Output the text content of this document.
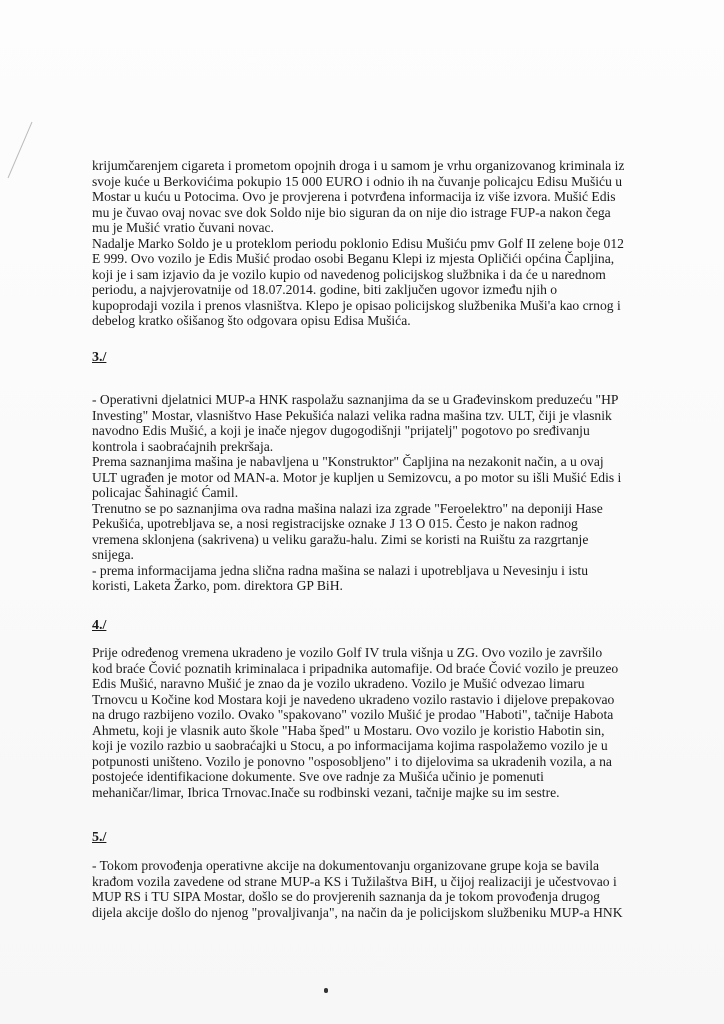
krijumčarenjem cigareta i prometom opojnih droga i u samom je vrhu organizovanog kriminala iz
svoje kuće u Berkovićima pokupio 15 000 EURO i odnio ih na čuvanje policajcu Edisu Mušiću u
Mostar u kuću u Potocima. Ovo je provjerena i potvrđena informacija iz više izvora. Mušić Edis
mu je čuvao ovaj novac sve dok Soldo nije bio siguran da on nije dio istrage FUP-a nakon čega
mu je Mušić vratio čuvani novac.
Nadalje Marko Soldo je u proteklom periodu poklonio Edisu Mušiću pmv Golf II zelene boje 012
E 999. Ovo vozilo je Edis Mušić prodao osobi Beganu Klepi iz mjesta Opličići općina Čapljina,
koji je i sam izjavio da je vozilo kupio od navedenog policijskog službnika i da će u narednom
periodu, a najvjerovatnije od 18.07.2014. godine, biti zaključen ugovor između njih o
kupoprodaji vozila i prenos vlasništva. Klepo je opisao policijskog službenika Muši'a kao crnog i
debelog kratko ošišanog što odgovara opisu Edisa Mušića.

3./

- Operativni djelatnici MUP-a HNK raspolažu saznanjima da se u Građevinskom preduzeću "HP
Investing" Mostar, vlasništvo Hase Pekušića nalazi velika radna mašina tzv. ULT, čiji je vlasnik
navodno Edis Mušić, a koji je inače njegov dugogodišnji "prijatelj" pogotovo po sređivanju
kontrola i saobraćajnih prekršaja.
Prema saznanjima mašina je nabavljena u "Konstruktor" Čapljina na nezakonit način, a u ovaj
ULT ugrađen je motor od MAN-a. Motor je kupljen u Semizovcu, a po motor su išli Mušić Edis i
policajac Šahinagić Ćamil.
Trenutno se po saznanjima ova radna mašina nalazi iza zgrade "Feroelektro" na deponiji Hase
Pekušića, upotrebljava se, a nosi registracijske oznake J 13 O 015. Često je nakon radnog
vremena sklonjena (sakrivena) u veliku garažu-halu. Zimi se koristi na Ruištu za razgrtanje
snijega.
- prema informacijama jedna slična radna mašina se nalazi i upotrebljava u Nevesinju i istu
koristi, Laketa Žarko, pom. direktora GP BiH.

4./

Prije određenog vremena ukradeno je vozilo Golf IV trula višnja u ZG. Ovo vozilo je završilo
kod braće Čović poznatih kriminalaca i pripadnika automafije. Od braće Čović vozilo je preuzeo
Edis Mušić, naravno Mušić je znao da je vozilo ukradeno. Vozilo je Mušić odvezao limaru
Trnovcu u Kočine kod Mostara koji je navedeno ukradeno vozilo rastavio i dijelove prepakovao
na drugo razbijeno vozilo. Ovako "spakovano" vozilo Mušić je prodao "Haboti", tačnije Habota
Ahmetu, koji je vlasnik auto škole "Haba šped" u Mostaru. Ovo vozilo je koristio Habotin sin,
koji je vozilo razbio u saobraćajki u Stocu, a po informacijama kojima raspolažemo vozilo je u
potpunosti uništeno. Vozilo je ponovno "osposobljeno" i to dijelovima sa ukradenih vozila, a na
postojeće identifikacione dokumente. Sve ove radnje za Mušića učinio je pomenuti
mehaničar/limar, Ibrica Trnovac.Inače su rodbinski vezani, tačnije majke su im sestre.

5./

- Tokom provođenja operativne akcije na dokumentovanju organizovane grupe koja se bavila
krađom vozila zavedene od strane MUP-a KS i Tužilaštva BiH, u čijoj realizaciji je učestvovao i
MUP RS i TU SIPA Mostar, došlo se do provjerenih saznanja da je tokom provođenja drugog
dijela akcije došlo do njenog "provaljivanja", na način da je policijskom službeniku MUP-a HNK
